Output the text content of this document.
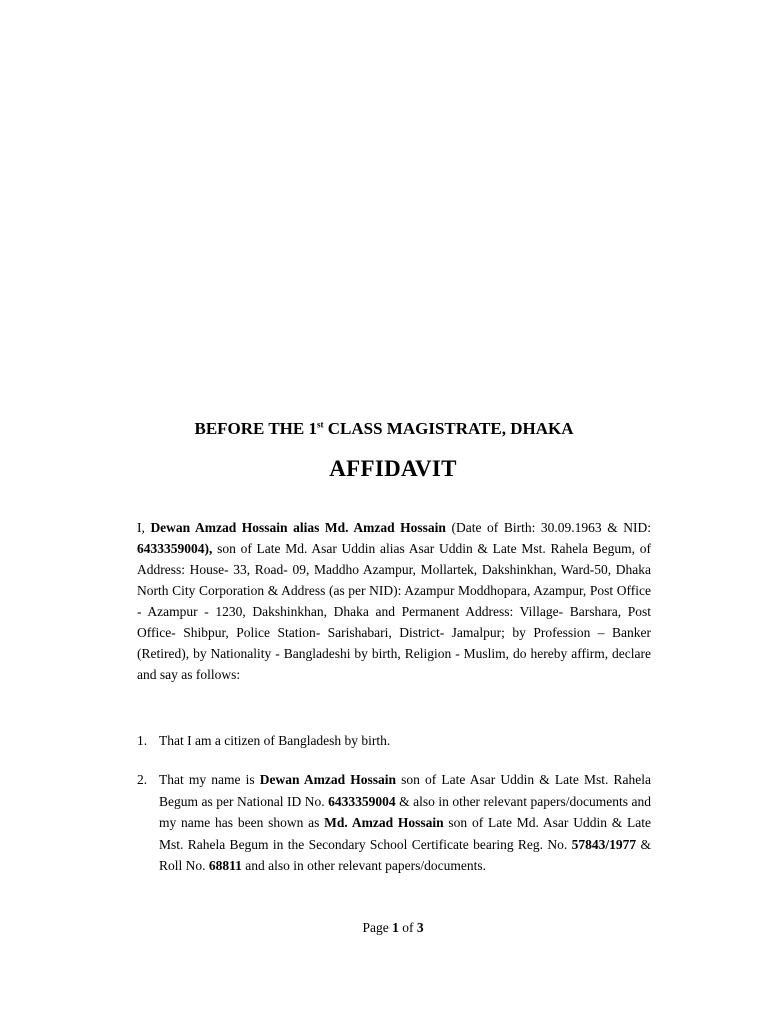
BEFORE THE 1st CLASS MAGISTRATE, DHAKA
AFFIDAVIT

I, Dewan Amzad Hossain alias Md. Amzad Hossain (Date of Birth: 30.09.1963 & NID: 6433359004), son of Late Md. Asar Uddin alias Asar Uddin & Late Mst. Rahela Begum, of Address: House- 33, Road- 09, Maddho Azampur, Mollartek, Dakshinkhan, Ward-50, Dhaka North City Corporation & Address (as per NID): Azampur Moddhopara, Azampur, Post Office - Azampur - 1230, Dakshinkhan, Dhaka and Permanent Address: Village- Barshara, Post Office- Shibpur, Police Station- Sarishabari, District- Jamalpur; by Profession – Banker (Retired), by Nationality - Bangladeshi by birth, Religion - Muslim, do hereby affirm, declare and say as follows:

1. That I am a citizen of Bangladesh by birth.
2. That my name is Dewan Amzad Hossain son of Late Asar Uddin & Late Mst. Rahela Begum as per National ID No. 6433359004 & also in other relevant papers/documents and my name has been shown as Md. Amzad Hossain son of Late Md. Asar Uddin & Late Mst. Rahela Begum in the Secondary School Certificate bearing Reg. No. 57843/1977 & Roll No. 68811 and also in other relevant papers/documents.
Page 1 of 3
